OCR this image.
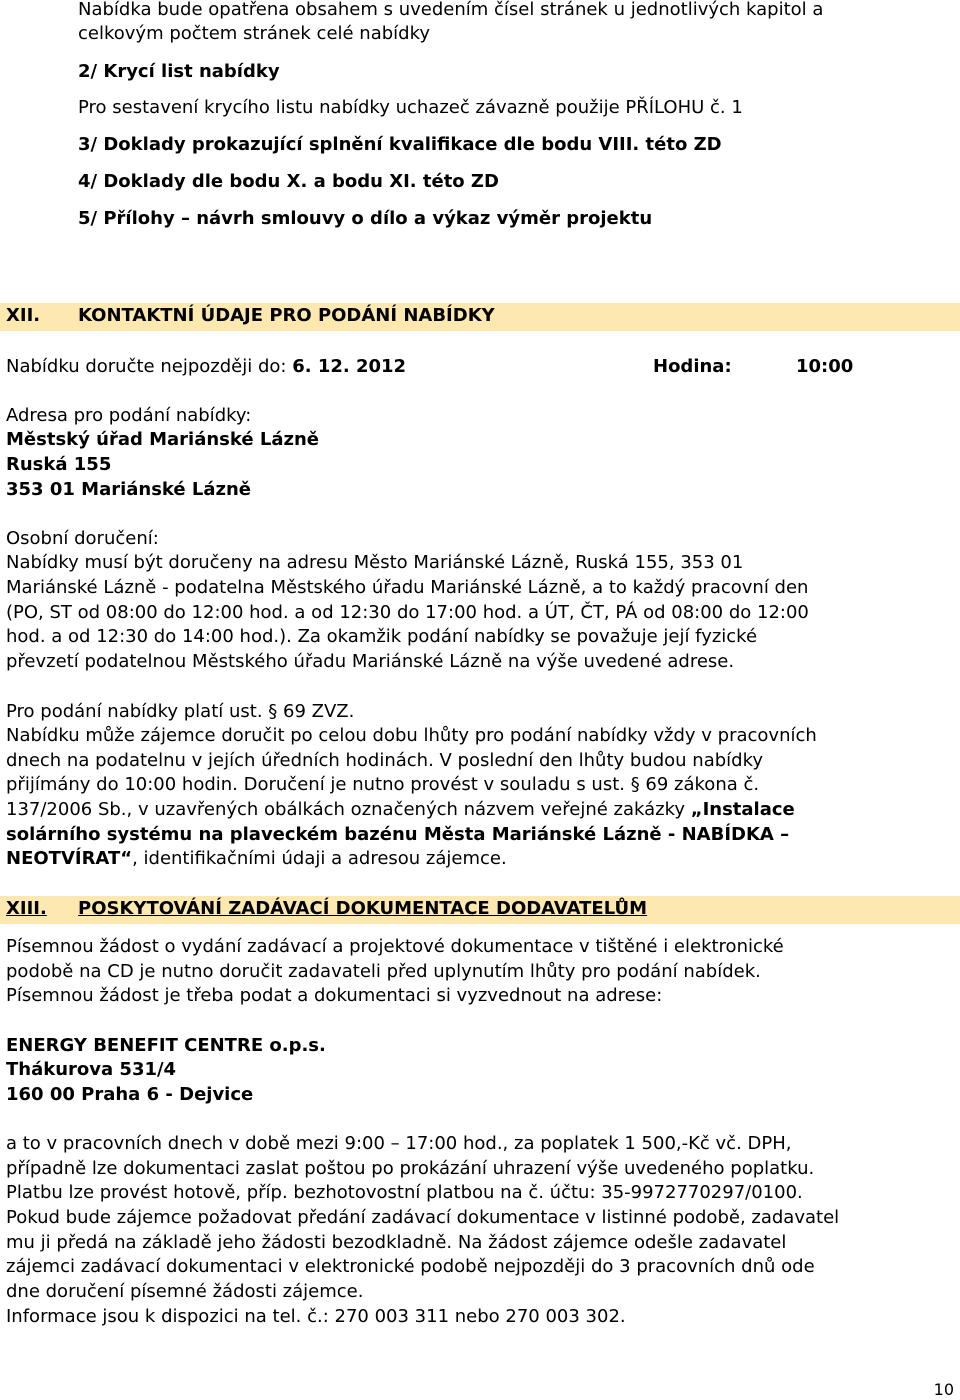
Nabídka bude opatřena obsahem s uvedením čísel stránek u jednotlivých kapitol a
celkovým počtem stránek celé nabídky
2/ Krycí list nabídky
Pro sestavení krycího listu nabídky uchazeč závazně použije PŘÍLOHU č. 1
3/ Doklady prokazující splnění kvalifikace dle bodu VIII. této ZD
4/ Doklady dle bodu X. a bodu XI. této ZD
5/ Přílohy – návrh smlouvy o dílo a výkaz výměr projektu
XII. KONTAKTNÍ ÚDAJE PRO PODÁNÍ NABÍDKY
Nabídku doručte nejpozději do: 6. 12. 2012	Hodina:	10:00
Adresa pro podání nabídky:
Městský úřad Mariánské Lázně
Ruská 155
353 01 Mariánské Lázně
Osobní doručení:
Nabídky musí být doručeny na adresu Město Mariánské Lázně, Ruská 155, 353 01
Mariánské Lázně - podatelna Městského úřadu Mariánské Lázně, a to každý pracovní den
(PO, ST od 08:00 do 12:00 hod. a od 12:30 do 17:00 hod. a ÚT, ČT, PÁ od 08:00 do 12:00
hod. a od 12:30 do 14:00 hod.). Za okamžik podání nabídky se považuje její fyzické
převzetí podatelnou Městského úřadu Mariánské Lázně na výše uvedené adrese.
Pro podání nabídky platí ust. § 69 ZVZ.
Nabídku může zájemce doručit po celou dobu lhůty pro podání nabídky vždy v pracovních
dnech na podatelnu v jejích úředních hodinách. V poslední den lhůty budou nabídky
přijímány do 10:00 hodin. Doručení je nutno provést v souladu s ust. § 69 zákona č.
137/2006 Sb., v uzavřených obálkách označených názvem veřejné zakázky „Instalace
solárního systému na plaveckém bazénu Města Mariánské Lázně - NABÍDKA –
NEOTVÍRAT“, identifikačními údaji a adresou zájemce.
XIII. POSKYTOVÁNÍ ZADÁVACÍ DOKUMENTACE DODAVATELŮM
Písemnou žádost o vydání zadávací a projektové dokumentace v tištěné i elektronické
podobě na CD je nutno doručit zadavateli před uplynutím lhůty pro podání nabídek.
Písemnou žádost je třeba podat a dokumentaci si vyzvednout na adrese:
ENERGY BENEFIT CENTRE o.p.s.
Thákurova 531/4
160 00 Praha 6 - Dejvice
a to v pracovních dnech v době mezi 9:00 – 17:00 hod., za poplatek 1 500,-Kč vč. DPH,
případně lze dokumentaci zaslat poštou po prokázání uhrazení výše uvedeného poplatku.
Platbu lze provést hotově, příp. bezhotovostní platbou na č. účtu: 35-9972770297/0100.
Pokud bude zájemce požadovat předání zadávací dokumentace v listinné podobě, zadavatel
mu ji předá na základě jeho žádosti bezodkladně. Na žádost zájemce odešle zadavatel
zájemci zadávací dokumentaci v elektronické podobě nejpozději do 3 pracovních dnů ode
dne doručení písemné žádosti zájemce.
Informace jsou k dispozici na tel. č.: 270 003 311 nebo 270 003 302.
10
